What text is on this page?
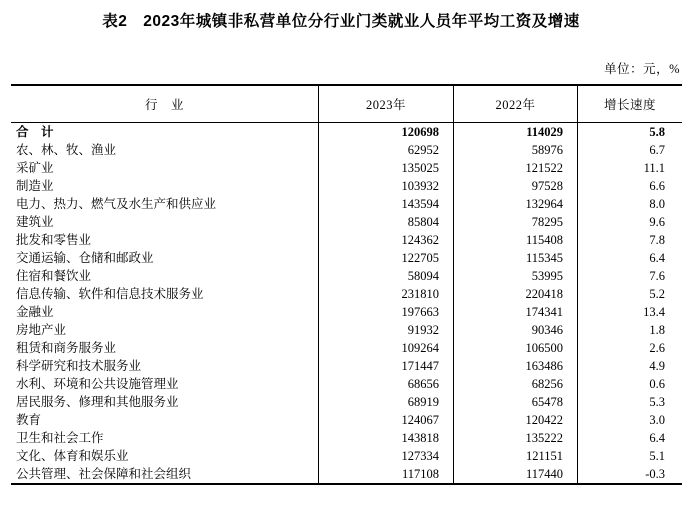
表2　2023年城镇非私营单位分行业门类就业人员年平均工资及增速
单位：元，%
行　业	2023年	2022年	增长速度
合　计	120698	114029	5.8
农、林、牧、渔业	62952	58976	6.7
采矿业	135025	121522	11.1
制造业	103932	97528	6.6
电力、热力、燃气及水生产和供应业	143594	132964	8.0
建筑业	85804	78295	9.6
批发和零售业	124362	115408	7.8
交通运输、仓储和邮政业	122705	115345	6.4
住宿和餐饮业	58094	53995	7.6
信息传输、软件和信息技术服务业	231810	220418	5.2
金融业	197663	174341	13.4
房地产业	91932	90346	1.8
租赁和商务服务业	109264	106500	2.6
科学研究和技术服务业	171447	163486	4.9
水利、环境和公共设施管理业	68656	68256	0.6
居民服务、修理和其他服务业	68919	65478	5.3
教育	124067	120422	3.0
卫生和社会工作	143818	135222	6.4
文化、体育和娱乐业	127334	121151	5.1
公共管理、社会保障和社会组织	117108	117440	-0.3
